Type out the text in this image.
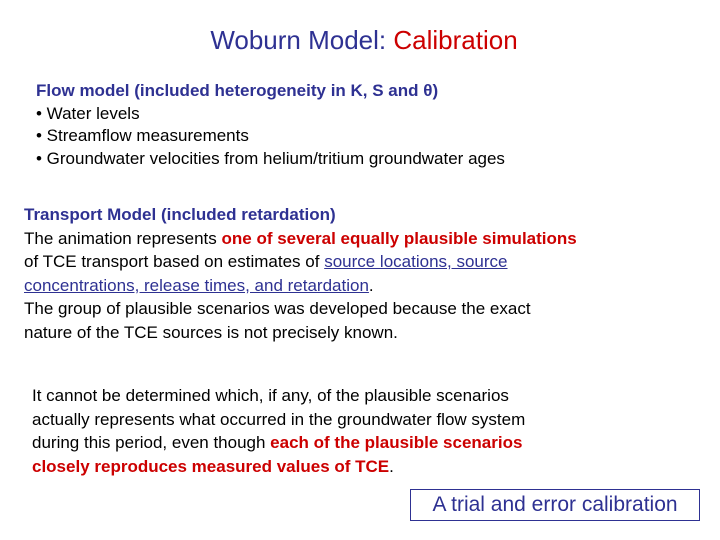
Woburn Model: Calibration
Flow model (included heterogeneity in K, S and θ)
• Water levels
• Streamflow measurements
• Groundwater velocities from helium/tritium groundwater ages
Transport Model (included retardation)
The animation represents one of several equally plausible simulations
of TCE transport based on estimates of source locations, source
concentrations, release times, and retardation.
The group of plausible scenarios was developed because the exact
nature of the TCE sources is not precisely known.
It cannot be determined which, if any, of the plausible scenarios
actually represents what occurred in the groundwater flow system
during this period, even though each of the plausible scenarios
closely reproduces measured values of TCE.
A trial and error calibration
